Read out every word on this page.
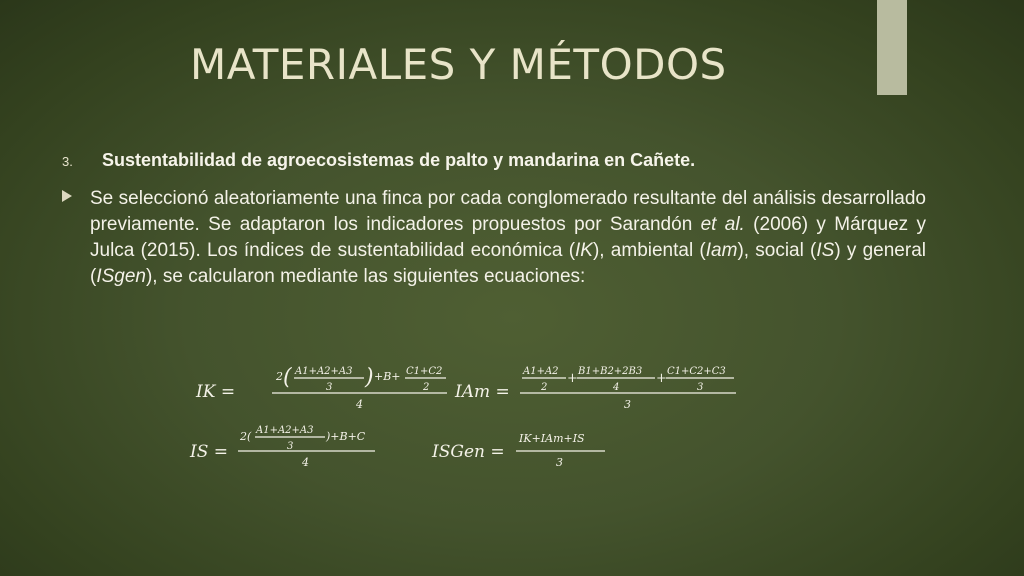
MATERIALES Y MÉTODOS
3. Sustentabilidad de agroecosistemas de palto y mandarina en Cañete.
Se seleccionó aleatoriamente una finca por cada conglomerado resultante del análisis desarrollado previamente. Se adaptaron los indicadores propuestos por Sarandón et al. (2006) y Márquez y Julca (2015). Los índices de sustentabilidad económica (IK), ambiental (Iam), social (IS) y general (ISgen), se calcularon mediante las siguientes ecuaciones:
IK =
2 ( A1+A2+A3
3 ) +B+ C1+C2
2
4
IAm =
A1+A2
2
+ B1+B2+2B3
4
+ C1+C2+C3
3
3
IS =
2( A1+A2+A3
3
)+B+C
4
ISGen =
IK+IAm+IS
3
